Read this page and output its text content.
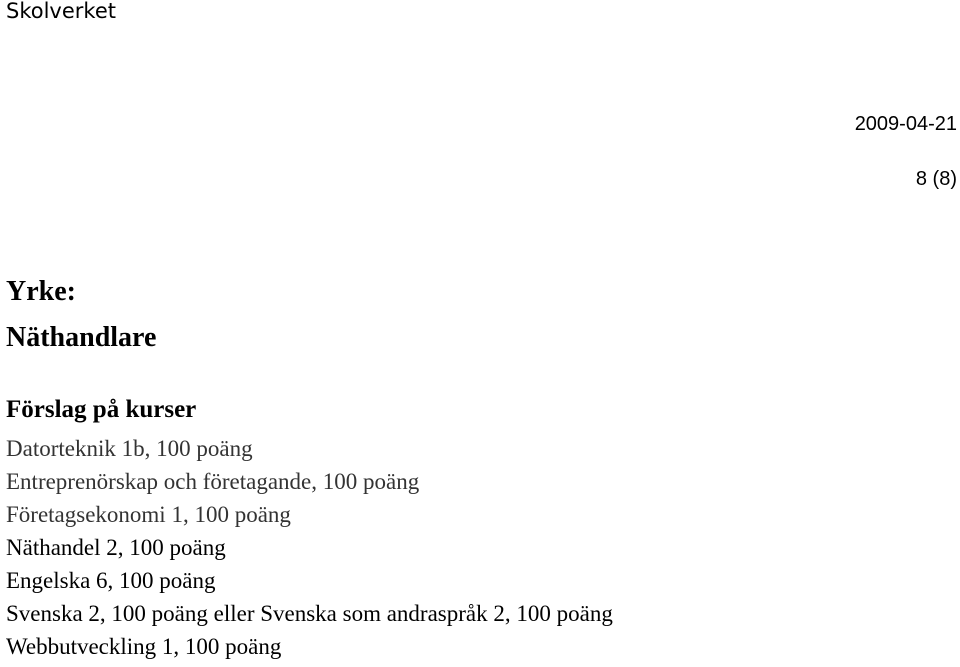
Skolverket
2009-04-21
8 (8)
Yrke:
Näthandlare
Förslag på kurser
Datorteknik 1b, 100 poäng
Entreprenörskap och företagande, 100 poäng
Företagsekonomi 1, 100 poäng
Näthandel 2, 100 poäng
Engelska 6, 100 poäng
Svenska 2, 100 poäng eller Svenska som andraspråk 2, 100 poäng
Webbutveckling 1, 100 poäng
